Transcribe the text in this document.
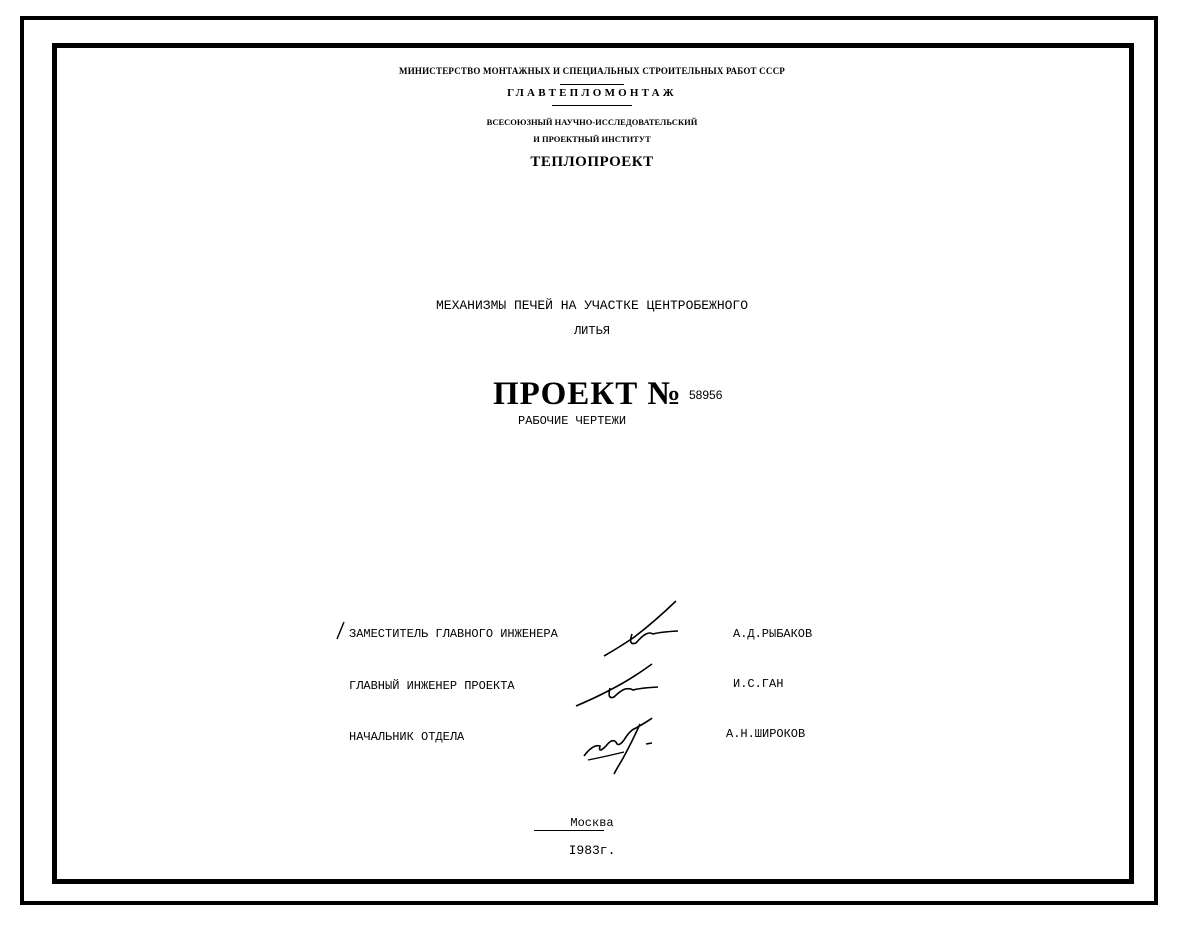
МИНИСТЕРСТВО МОНТАЖНЫХ И СПЕЦИАЛЬНЫХ СТРОИТЕЛЬНЫХ РАБОТ СССР
ГЛАВТЕПЛОМОНТАЖ
ВСЕСОЮЗНЫЙ НАУЧНО-ИССЛЕДОВАТЕЛЬСКИЙ
И ПРОЕКТНЫЙ ИНСТИТУТ
ТЕПЛОПРОЕКТ
МЕХАНИЗМЫ ПЕЧЕЙ НА УЧАСТКЕ ЦЕНТРОБЕЖНОГО
ЛИТЬЯ
ПРОЕКТ № 58956
РАБОЧИЕ ЧЕРТЕЖИ
ЗАМЕСТИТЕЛЬ ГЛАВНОГО ИНЖЕНЕРА	А.Д.РЫБАКОВ
ГЛАВНЫЙ ИНЖЕНЕР ПРОЕКТА	И.С.ГАН
НАЧАЛЬНИК ОТДЕЛА	А.Н.ШИРОКОВ
Москва
I983г.
